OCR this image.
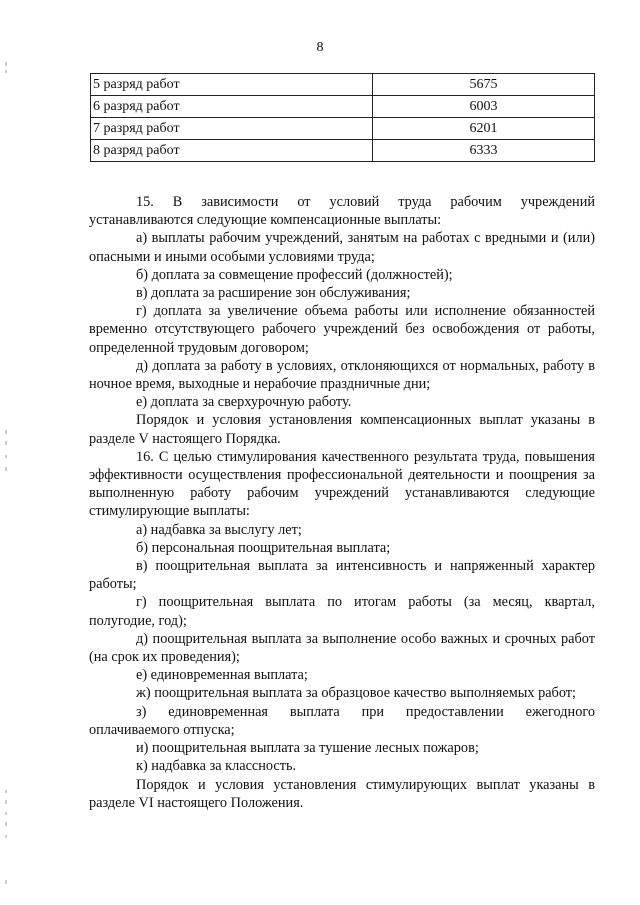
8
5 разряд работ	5675
6 разряд работ	6003
7 разряд работ	6201
8 разряд работ	6333

15. В зависимости от условий труда рабочим учреждений устанавливаются следующие компенсационные выплаты:

а) выплаты рабочим учреждений, занятым на работах с вредными и (или) опасными и иными особыми условиями труда;

б) доплата за совмещение профессий (должностей);

в) доплата за расширение зон обслуживания;

г) доплата за увеличение объема работы или исполнение обязанностей временно отсутствующего рабочего учреждений без освобождения от работы, определенной трудовым договором;

д) доплата за работу в условиях, отклоняющихся от нормальных, работу в ночное время, выходные и нерабочие праздничные дни;

е) доплата за сверхурочную работу.

Порядок и условия установления компенсационных выплат указаны в разделе V настоящего Порядка.

16. С целью стимулирования качественного результата труда, повышения эффективности осуществления профессиональной деятельности и поощрения за выполненную работу рабочим учреждений устанавливаются следующие стимулирующие выплаты:

а) надбавка за выслугу лет;

б) персональная поощрительная выплата;

в) поощрительная выплата за интенсивность и напряженный характер работы;

г) поощрительная выплата по итогам работы (за месяц, квартал, полугодие, год);

д) поощрительная выплата за выполнение особо важных и срочных работ (на срок их проведения);

е) единовременная выплата;

ж) поощрительная выплата за образцовое качество выполняемых работ;

з) единовременная выплата при предоставлении ежегодного оплачиваемого отпуска;

и) поощрительная выплата за тушение лесных пожаров;

к) надбавка за классность.

Порядок и условия установления стимулирующих выплат указаны в разделе VI настоящего Положения.
